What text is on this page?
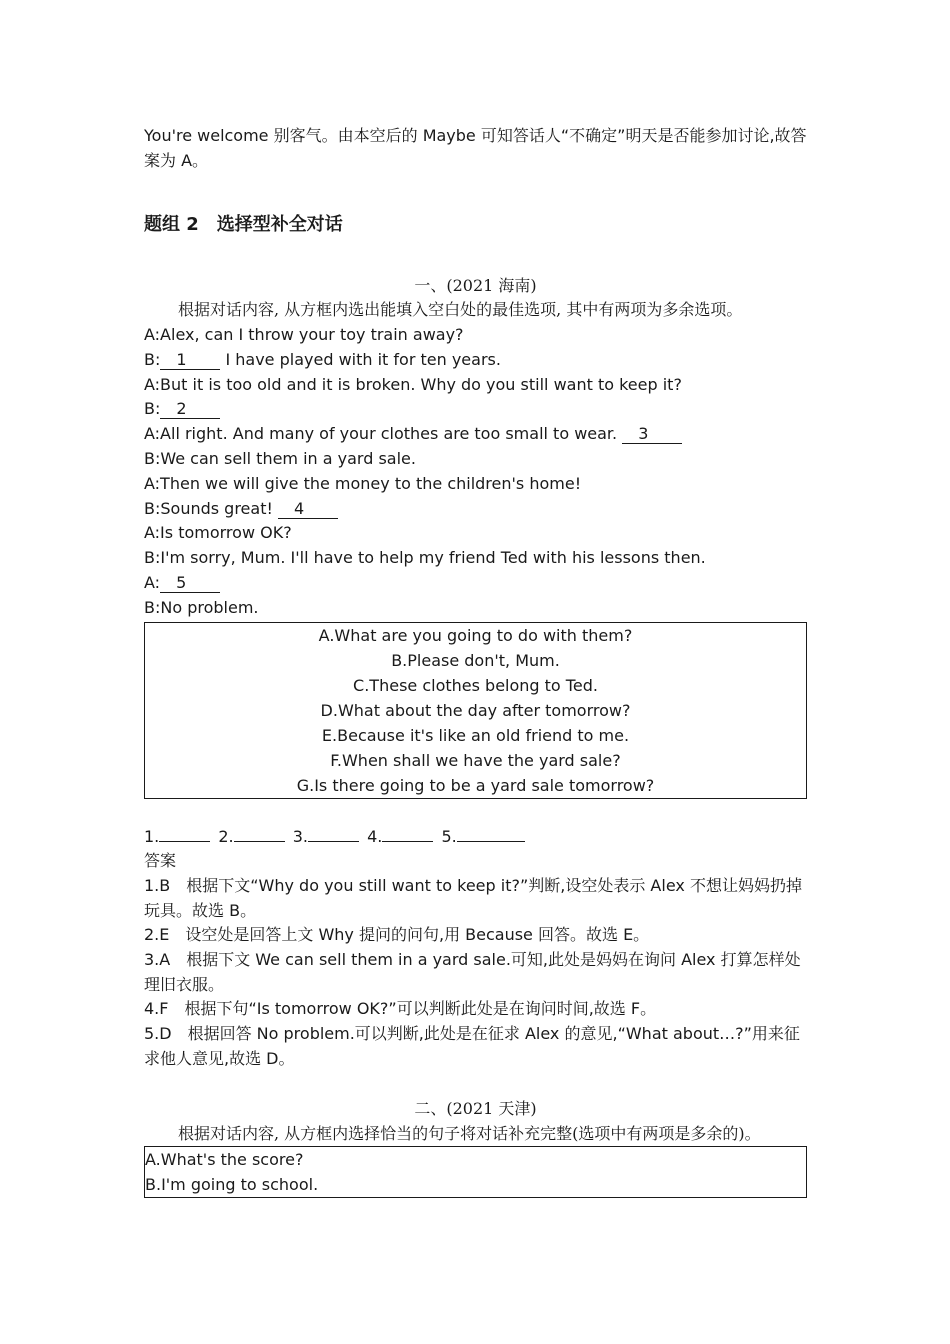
You're welcome 别客气。由本空后的 Maybe 可知答话人“不确定”明天是否能参加讨论,故答案为 A。
题组 2　选择型补全对话
一、(2021 海南)
根据对话内容, 从方框内选出能填入空白处的最佳选项, 其中有两项为多余选项。
A:Alex, can I throw your toy train away?
B: 1 I have played with it for ten years.
A:But it is too old and it is broken. Why do you still want to keep it?
B: 2
A:All right. And many of your clothes are too small to wear. 3
B:We can sell them in a yard sale.
A:Then we will give the money to the children's home!
B:Sounds great! 4
A:Is tomorrow OK?
B:I'm sorry, Mum. I'll have to help my friend Ted with his lessons then.
A: 5
B:No problem.
A.What are you going to do with them?
B.Please don't, Mum.
C.These clothes belong to Ted.
D.What about the day after tomorrow?
E.Because it's like an old friend to me.
F.When shall we have the yard sale?
G.Is there going to be a yard sale tomorrow?
1.	2.	3.	4.	5.
答案
1.B　根据下文“Why do you still want to keep it?”判断,设空处表示 Alex 不想让妈妈扔掉玩具。故选 B。
2.E　设空处是回答上文 Why 提问的问句,用 Because 回答。故选 E。
3.A　根据下文 We can sell them in a yard sale.可知,此处是妈妈在询问 Alex 打算怎样处理旧衣服。
4.F　根据下句“Is tomorrow OK?”可以判断此处是在询问时间,故选 F。
5.D　根据回答 No problem.可以判断,此处是在征求 Alex 的意见,“What about…?”用来征求他人意见,故选 D。
二、(2021 天津)
根据对话内容, 从方框内选择恰当的句子将对话补充完整(选项中有两项是多余的)。
A.What's the score?
B.I'm going to school.
